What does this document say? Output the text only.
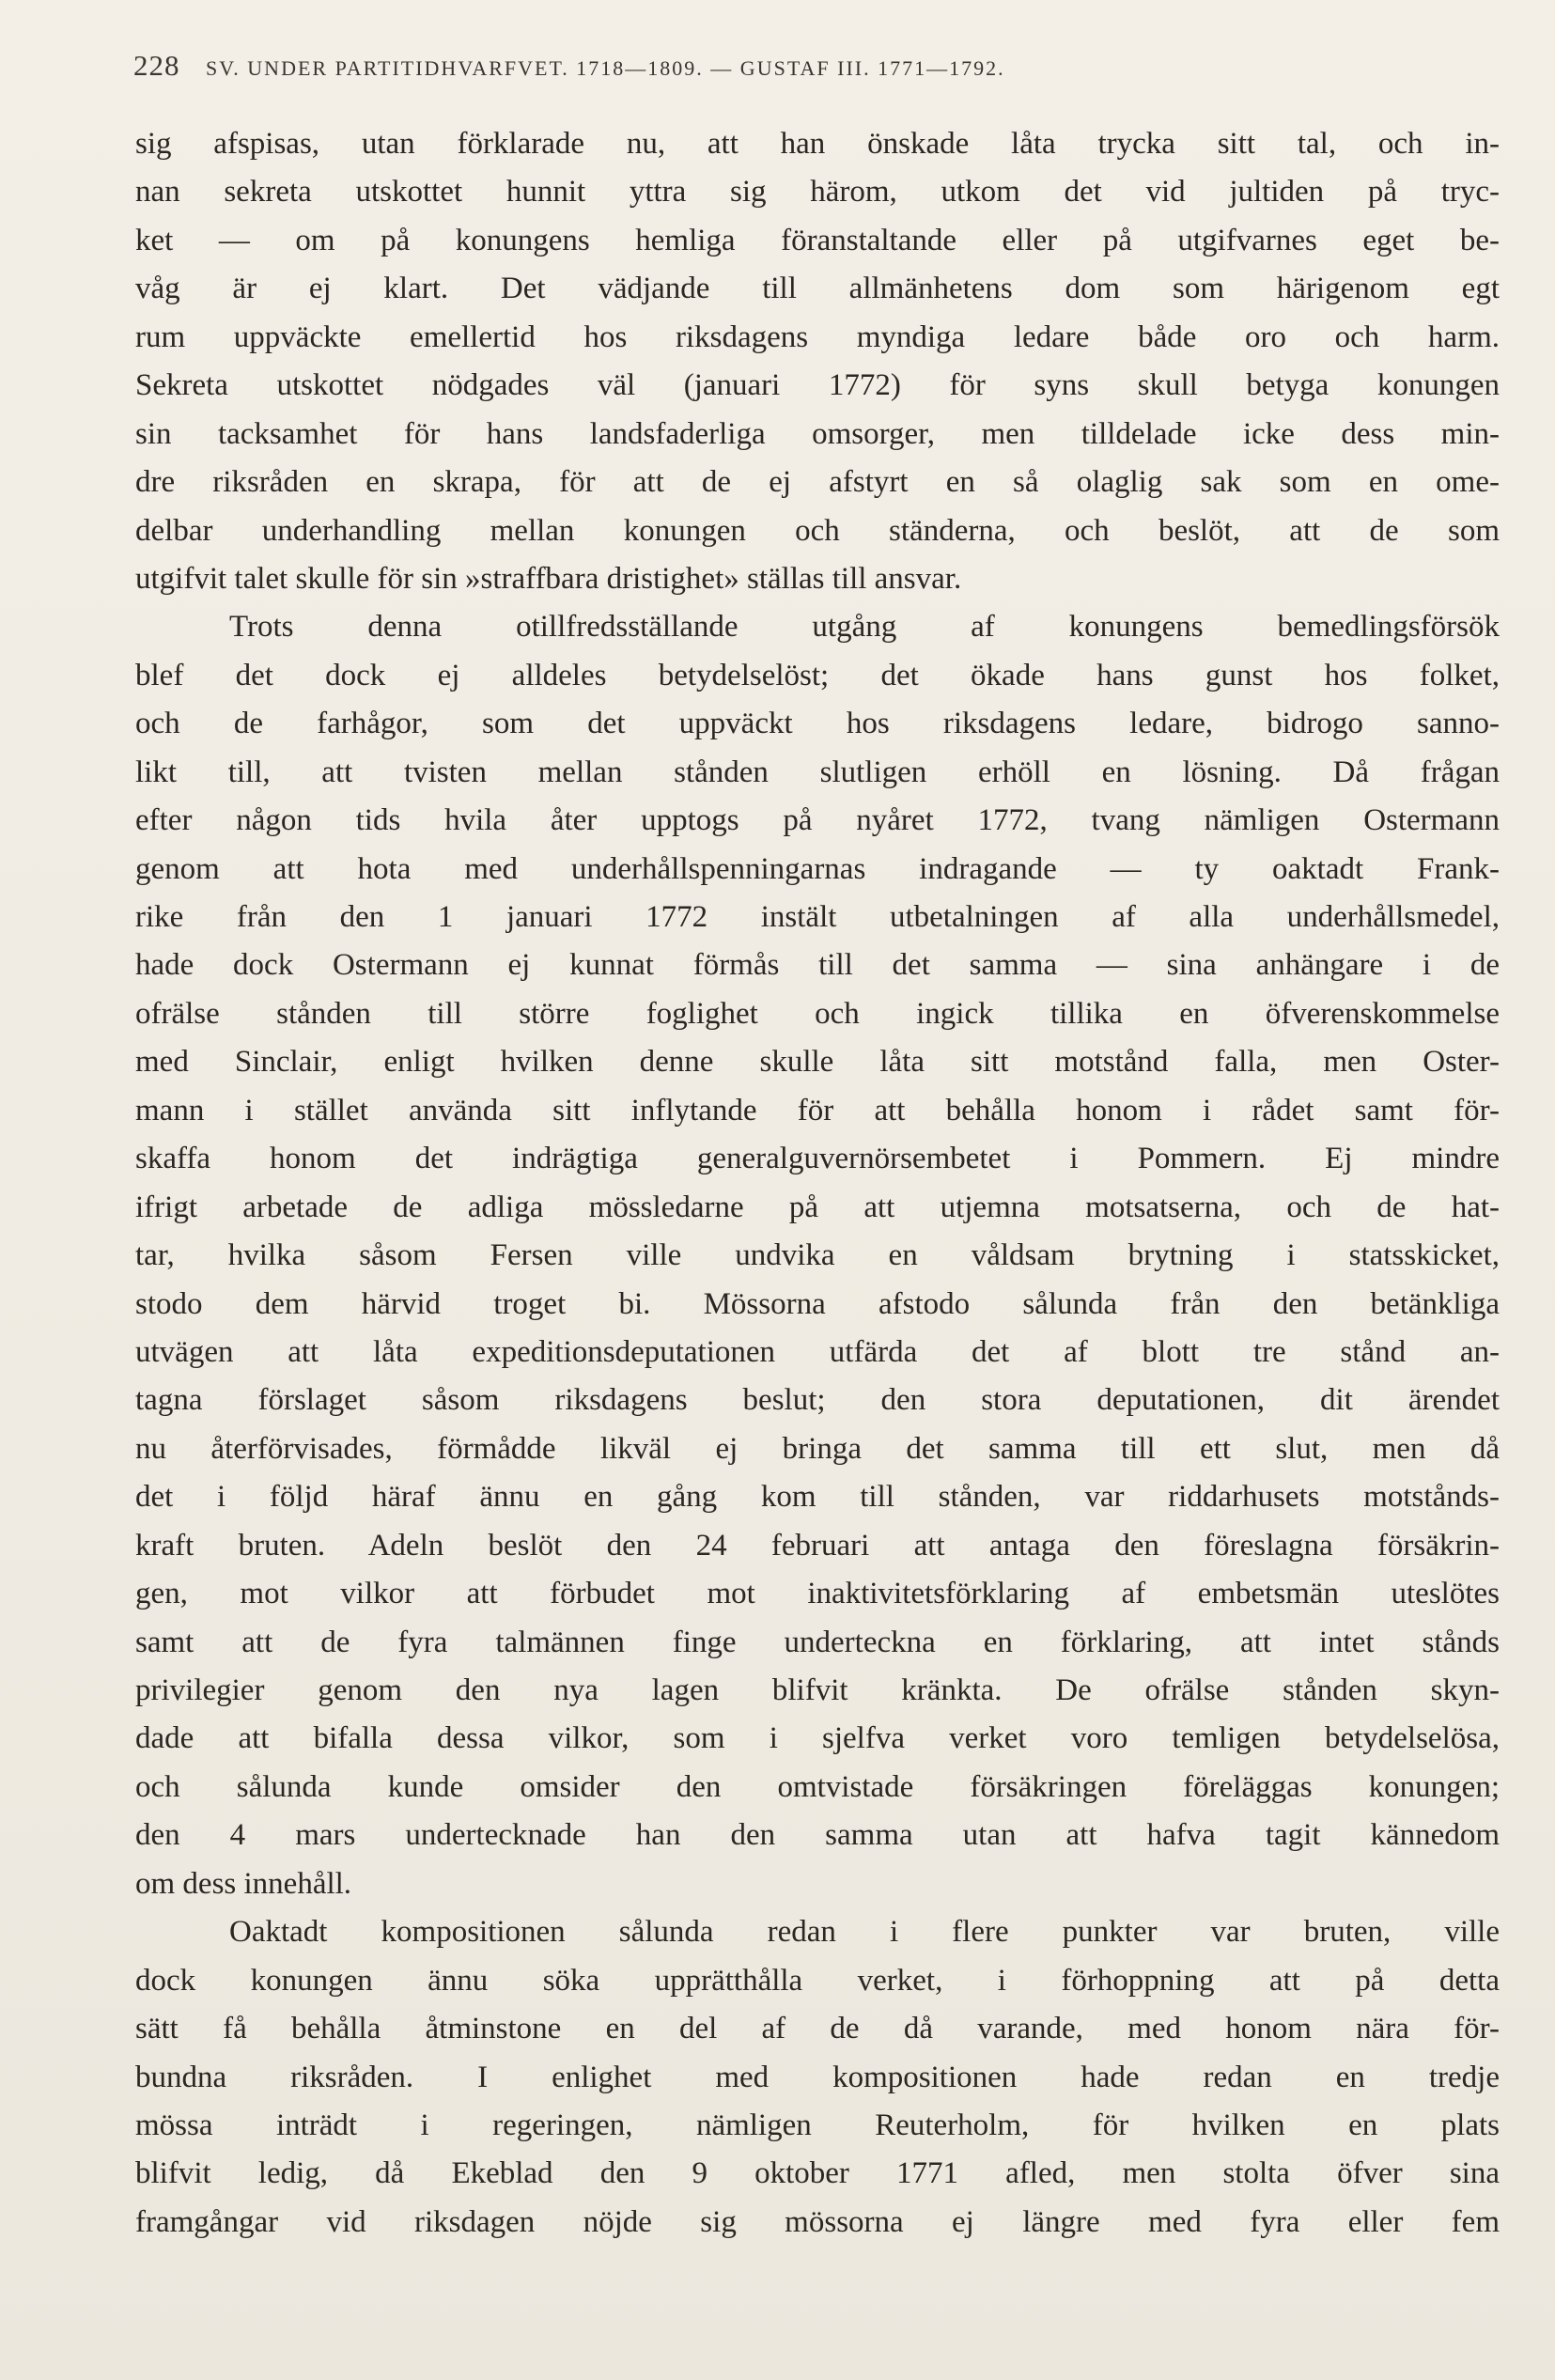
228 SV. UNDER PARTITIDHVARFVET. 1718—1809. — GUSTAF III. 1771—1792.
sig afspisas, utan förklarade nu, att han önskade låta trycka sitt tal, och in-
nan sekreta utskottet hunnit yttra sig härom, utkom det vid jultiden på tryc-
ket — om på konungens hemliga föranstaltande eller på utgifvarnes eget be-
våg är ej klart. Det vädjande till allmänhetens dom som härigenom egt
rum uppväckte emellertid hos riksdagens myndiga ledare både oro och harm.
Sekreta utskottet nödgades väl (januari 1772) för syns skull betyga konungen
sin tacksamhet för hans landsfaderliga omsorger, men tilldelade icke dess min-
dre riksråden en skrapa, för att de ej afstyrt en så olaglig sak som en ome-
delbar underhandling mellan konungen och ständerna, och beslöt, att de som
utgifvit talet skulle för sin »straffbara dristighet» ställas till ansvar.
Trots denna otillfredsställande utgång af konungens bemedlingsförsök
blef det dock ej alldeles betydelselöst; det ökade hans gunst hos folket,
och de farhågor, som det uppväckt hos riksdagens ledare, bidrogo sanno-
likt till, att tvisten mellan stånden slutligen erhöll en lösning. Då frågan
efter någon tids hvila åter upptogs på nyåret 1772, tvang nämligen Ostermann
genom att hota med underhållspenningarnas indragande — ty oaktadt Frank-
rike från den 1 januari 1772 instält utbetalningen af alla underhållsmedel,
hade dock Ostermann ej kunnat förmås till det samma — sina anhängare i de
ofrälse stånden till större foglighet och ingick tillika en öfverenskommelse
med Sinclair, enligt hvilken denne skulle låta sitt motstånd falla, men Oster-
mann i stället använda sitt inflytande för att behålla honom i rådet samt för-
skaffa honom det indrägtiga generalguvernörsembetet i Pommern. Ej mindre
ifrigt arbetade de adliga mössledarne på att utjemna motsatserna, och de hat-
tar, hvilka såsom Fersen ville undvika en våldsam brytning i statsskicket,
stodo dem härvid troget bi. Mössorna afstodo sålunda från den betänkliga
utvägen att låta expeditionsdeputationen utfärda det af blott tre stånd an-
tagna förslaget såsom riksdagens beslut; den stora deputationen, dit ärendet
nu återförvisades, förmådde likväl ej bringa det samma till ett slut, men då
det i följd häraf ännu en gång kom till stånden, var riddarhusets motstånds-
kraft bruten. Adeln beslöt den 24 februari att antaga den föreslagna försäkrin-
gen, mot vilkor att förbudet mot inaktivitetsförklaring af embetsmän uteslötes
samt att de fyra talmännen finge underteckna en förklaring, att intet stånds
privilegier genom den nya lagen blifvit kränkta. De ofrälse stånden skyn-
dade att bifalla dessa vilkor, som i sjelfva verket voro temligen betydelselösa,
och sålunda kunde omsider den omtvistade försäkringen föreläggas konungen;
den 4 mars undertecknade han den samma utan att hafva tagit kännedom
om dess innehåll.
Oaktadt kompositionen sålunda redan i flere punkter var bruten, ville
dock konungen ännu söka upprätthålla verket, i förhoppning att på detta
sätt få behålla åtminstone en del af de då varande, med honom nära för-
bundna riksråden. I enlighet med kompositionen hade redan en tredje
mössa inträdt i regeringen, nämligen Reuterholm, för hvilken en plats
blifvit ledig, då Ekeblad den 9 oktober 1771 afled, men stolta öfver sina
framgångar vid riksdagen nöjde sig mössorna ej längre med fyra eller fem
